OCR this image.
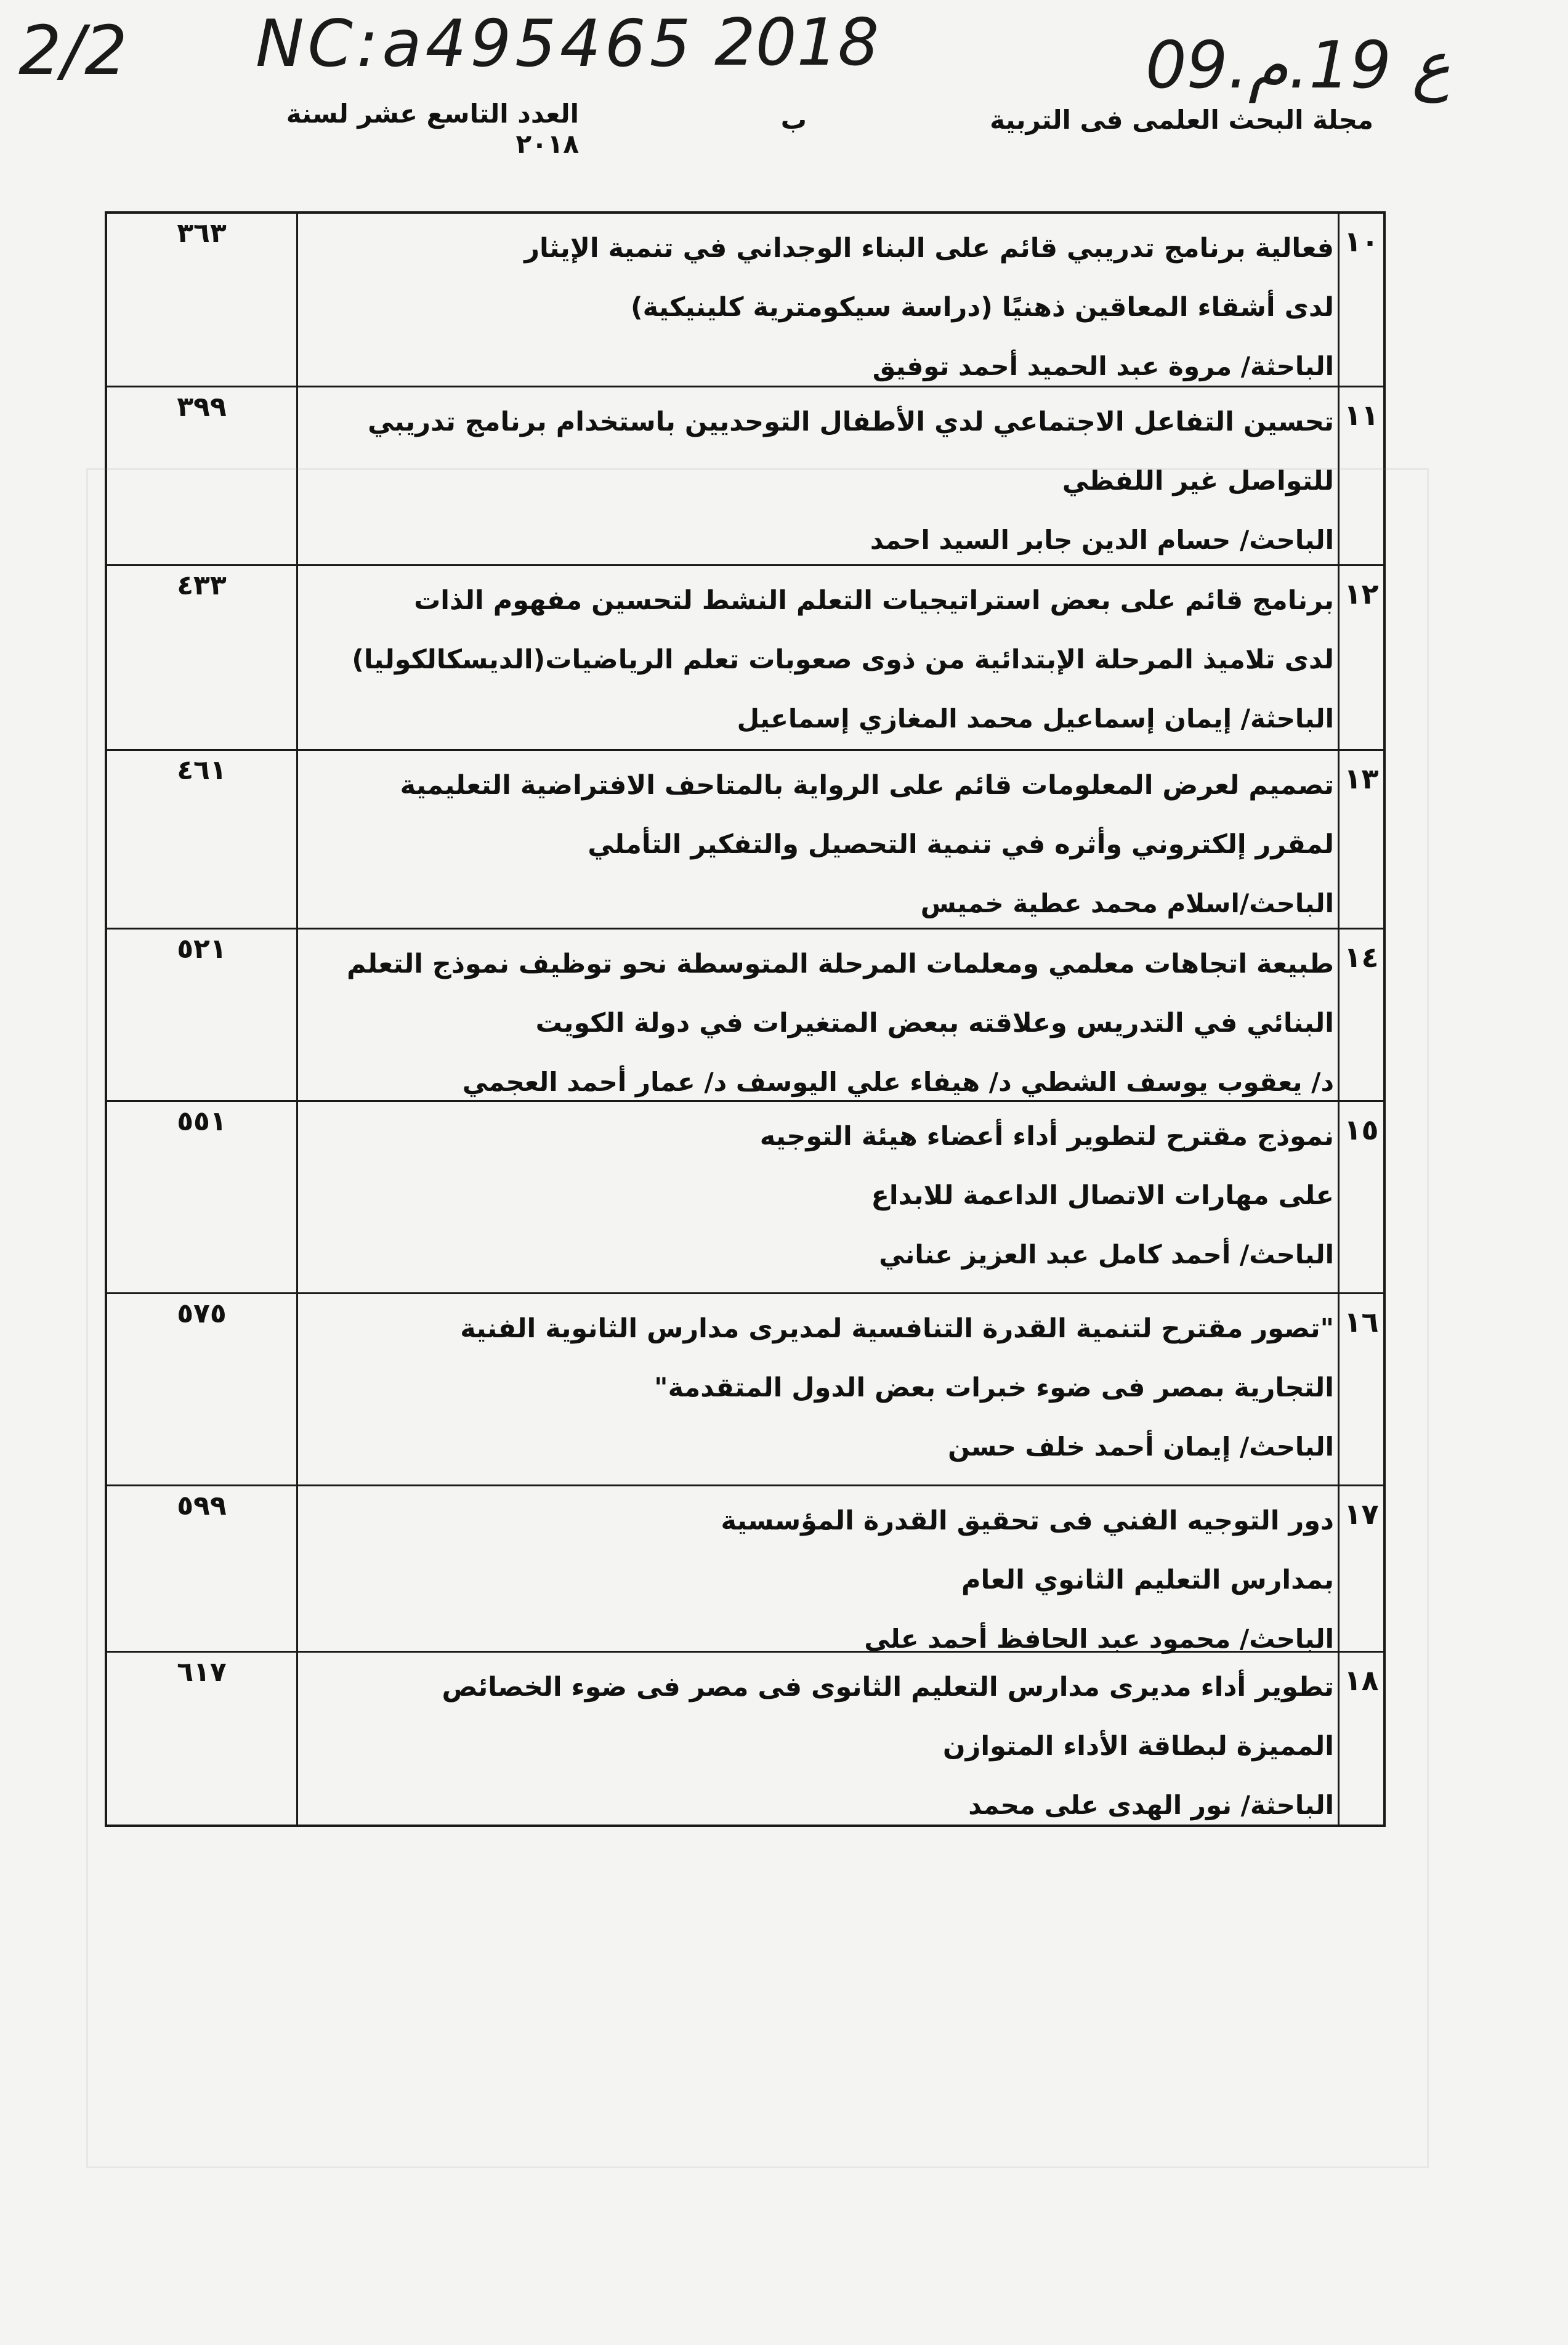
2/2 NC:a495465 2018	09.ع 19.م
مجلة البحث العلمى فى التربية
ب
العدد التاسع عشر لسنة ٢٠١٨
١٠
فعالية برنامج تدريبي قائم على البناء الوجداني في تنمية الإيثار
لدى أشقاء المعاقين ذهنيًا (دراسة سيكومترية كلينيكية)
الباحثة/ مروة عبد الحميد أحمد توفيق
٣٦٣
١١
تحسين التفاعل الاجتماعي لدي الأطفال التوحديين باستخدام برنامج تدريبي
للتواصل غير اللفظي
الباحث/ حسام الدين جابر السيد احمد
٣٩٩
١٢
برنامج قائم على بعض استراتيجيات التعلم النشط لتحسين مفهوم الذات
لدى تلاميذ المرحلة الإبتدائية من ذوى صعوبات تعلم الرياضيات(الديسكالكوليا)
الباحثة/ إيمان إسماعيل محمد المغازي إسماعيل
٤٣٣
١٣
تصميم لعرض المعلومات قائم على الرواية بالمتاحف الافتراضية التعليمية
لمقرر إلكتروني وأثره في تنمية التحصيل والتفكير التأملي
الباحث/اسلام محمد عطية خميس
٤٦١
١٤
طبيعة اتجاهات معلمي ومعلمات المرحلة المتوسطة نحو توظيف نموذج التعلم
البنائي في التدريس وعلاقته ببعض المتغيرات في دولة الكويت
د/ يعقوب يوسف الشطي د/ هيفاء علي اليوسف د/ عمار أحمد العجمي
٥٢١
١٥
نموذج مقترح لتطوير أداء أعضاء هيئة التوجيه
على مهارات الاتصال الداعمة للابداع
الباحث/ أحمد كامل عبد العزيز عناني
٥٥١
١٦
"تصور مقترح لتنمية القدرة التنافسية لمديرى مدارس الثانوية الفنية
التجارية بمصر فى ضوء خبرات بعض الدول المتقدمة"
الباحث/ إيمان أحمد خلف حسن
٥٧٥
١٧
دور التوجيه الفني فى تحقيق القدرة المؤسسية
بمدارس التعليم الثانوي العام
الباحث/ محمود عبد الحافظ أحمد على
٥٩٩
١٨
تطوير أداء مديرى مدارس التعليم الثانوى فى مصر فى ضوء الخصائص
المميزة لبطاقة الأداء المتوازن
الباحثة/ نور الهدى على محمد
٦١٧
